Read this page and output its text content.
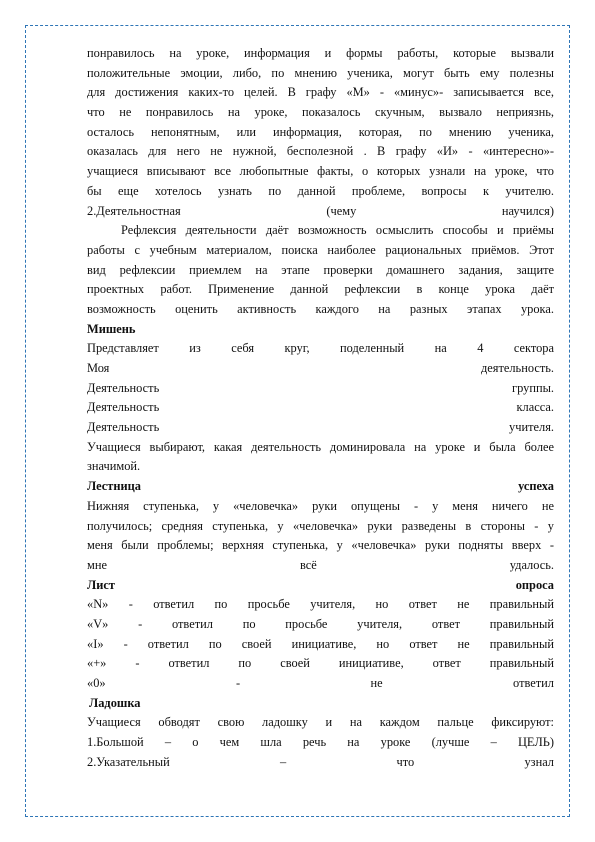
понравилось на уроке, информация и формы работы, которые вызвали
положительные эмоции, либо, по мнению ученика, могут быть ему полезны
для достижения каких-то целей. В графу «М» - «минус»- записывается все,
что не понравилось на уроке, показалось скучным, вызвало неприязнь,
осталось непонятным, или информация, которая, по мнению ученика,
оказалась для него не нужной, бесполезной . В графу «И» - «интересно»-
учащиеся вписывают все любопытные факты, о которых узнали на уроке, что
бы еще хотелось узнать по данной проблеме, вопросы к учителю.
2.Деятельностная (чему научился)
Рефлексия деятельности даёт возможность осмыслить способы и приёмы
работы с учебным материалом, поиска наиболее рациональных приёмов. Этот
вид рефлексии приемлем на этапе проверки домашнего задания, защите
проектных работ. Применение данной рефлексии в конце урока даёт
возможность оценить активность каждого на разных этапах урока.
Мишень
Представляет из себя круг, поделенный на 4 сектора
Моя деятельность.
Деятельность группы.
Деятельность класса.
Деятельность учителя.
Учащиеся выбирают, какая деятельность доминировала на уроке и была более
значимой.
Лестница успеха
Нижняя ступенька, у «человечка» руки опущены - у меня ничего не
получилось; средняя ступенька, у «человечка» руки разведены в стороны - у
меня были проблемы; верхняя ступенька, у «человечка» руки подняты вверх -
мне всё удалось.
Лист опроса
«N» - ответил по просьбе учителя, но ответ не правильный
«V» - ответил по просьбе учителя, ответ правильный
«I» - ответил по своей инициативе, но ответ не правильный
«+» - ответил по своей инициативе, ответ правильный
«0» - не ответил
Ладошка
Учащиеся обводят свою ладошку и на каждом пальце фиксируют:
1.Большой – о чем шла речь на уроке (лучше – ЦЕЛЬ)
2.Указательный – что узнал
